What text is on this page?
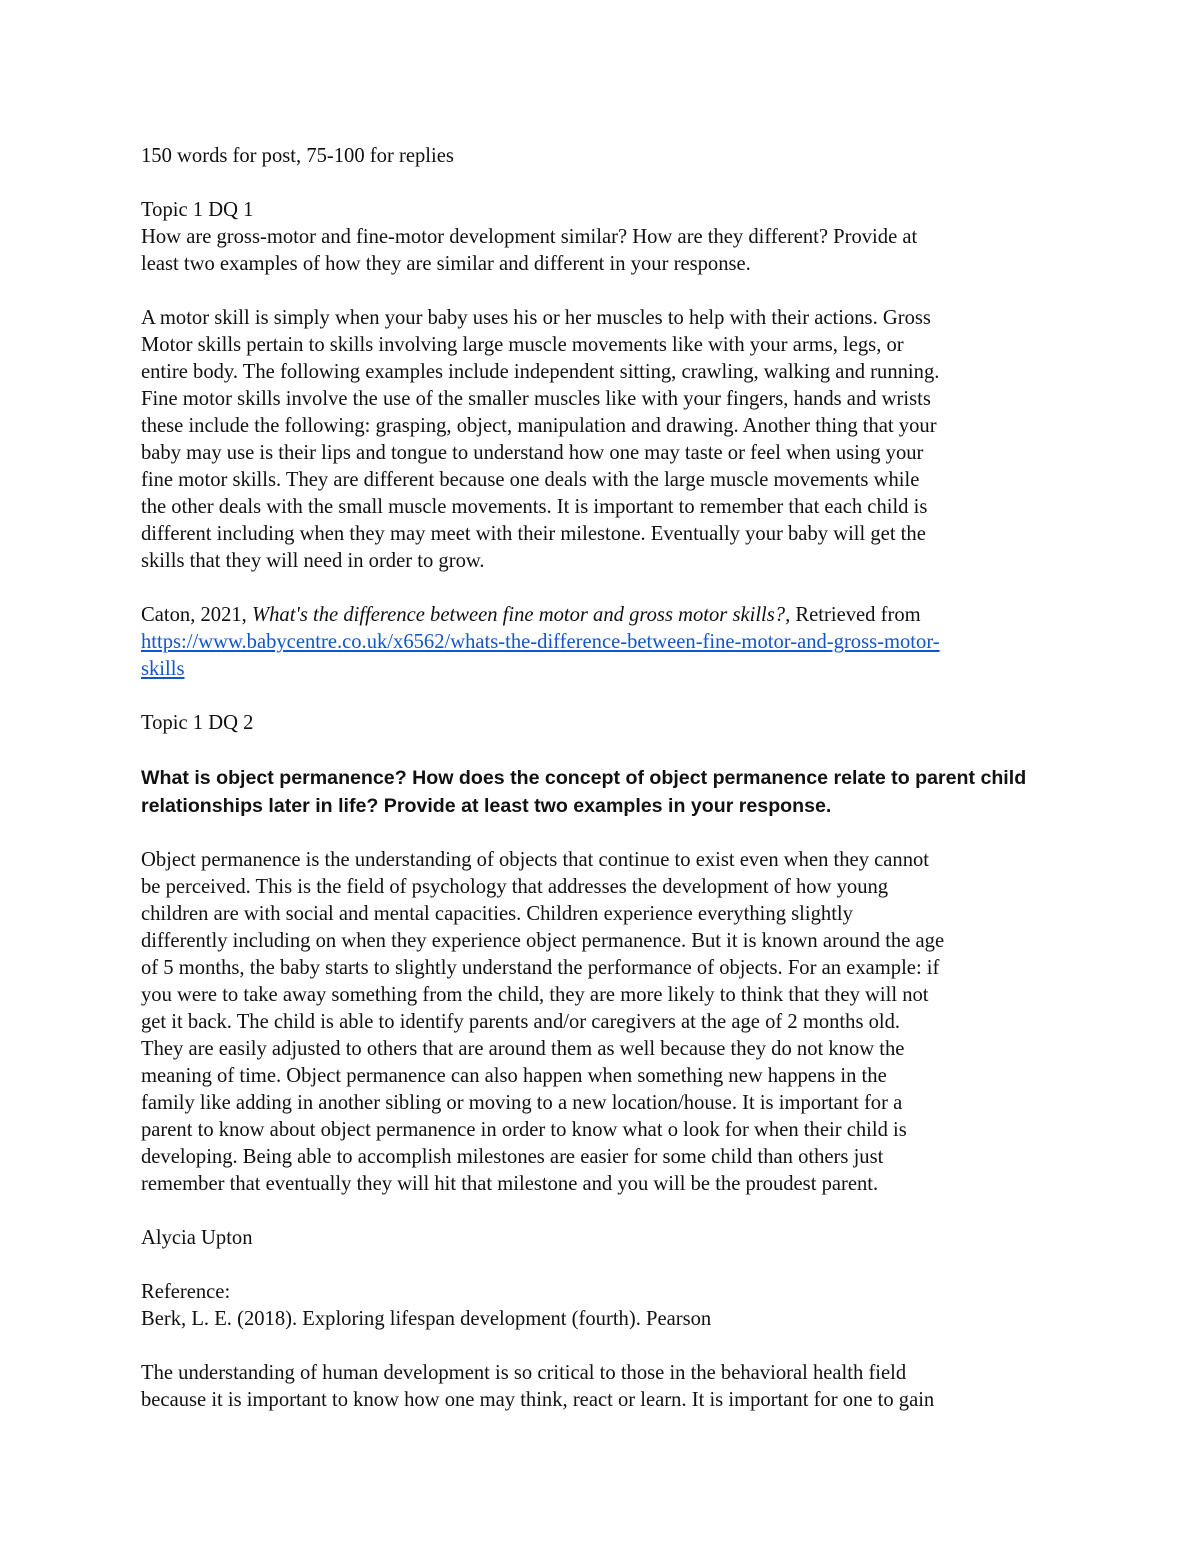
150 words for post, 75-100 for replies

Topic 1 DQ 1
How are gross-motor and fine-motor development similar? How are they different? Provide at
least two examples of how they are similar and different in your response.

A motor skill is simply when your baby uses his or her muscles to help with their actions. Gross
Motor skills pertain to skills involving large muscle movements like with your arms, legs, or
entire body. The following examples include independent sitting, crawling, walking and running.
Fine motor skills involve the use of the smaller muscles like with your fingers, hands and wrists
these include the following: grasping, object, manipulation and drawing. Another thing that your
baby may use is their lips and tongue to understand how one may taste or feel when using your
fine motor skills. They are different because one deals with the large muscle movements while
the other deals with the small muscle movements. It is important to remember that each child is
different including when they may meet with their milestone. Eventually your baby will get the
skills that they will need in order to grow.

Caton, 2021, What's the difference between fine motor and gross motor skills?, Retrieved from
https://www.babycentre.co.uk/x6562/whats-the-difference-between-fine-motor-and-gross-motor-
skills

Topic 1 DQ 2

What is object permanence? How does the concept of object permanence relate to parent child
relationships later in life? Provide at least two examples in your response.

Object permanence is the understanding of objects that continue to exist even when they cannot
be perceived. This is the field of psychology that addresses the development of how young
children are with social and mental capacities. Children experience everything slightly
differently including on when they experience object permanence. But it is known around the age
of 5 months, the baby starts to slightly understand the performance of objects. For an example: if
you were to take away something from the child, they are more likely to think that they will not
get it back. The child is able to identify parents and/or caregivers at the age of 2 months old.
They are easily adjusted to others that are around them as well because they do not know the
meaning of time. Object permanence can also happen when something new happens in the
family like adding in another sibling or moving to a new location/house. It is important for a
parent to know about object permanence in order to know what o look for when their child is
developing. Being able to accomplish milestones are easier for some child than others just
remember that eventually they will hit that milestone and you will be the proudest parent.

Alycia Upton

Reference:
Berk, L. E. (2018). Exploring lifespan development (fourth). Pearson

The understanding of human development is so critical to those in the behavioral health field
because it is important to know how one may think, react or learn. It is important for one to gain
